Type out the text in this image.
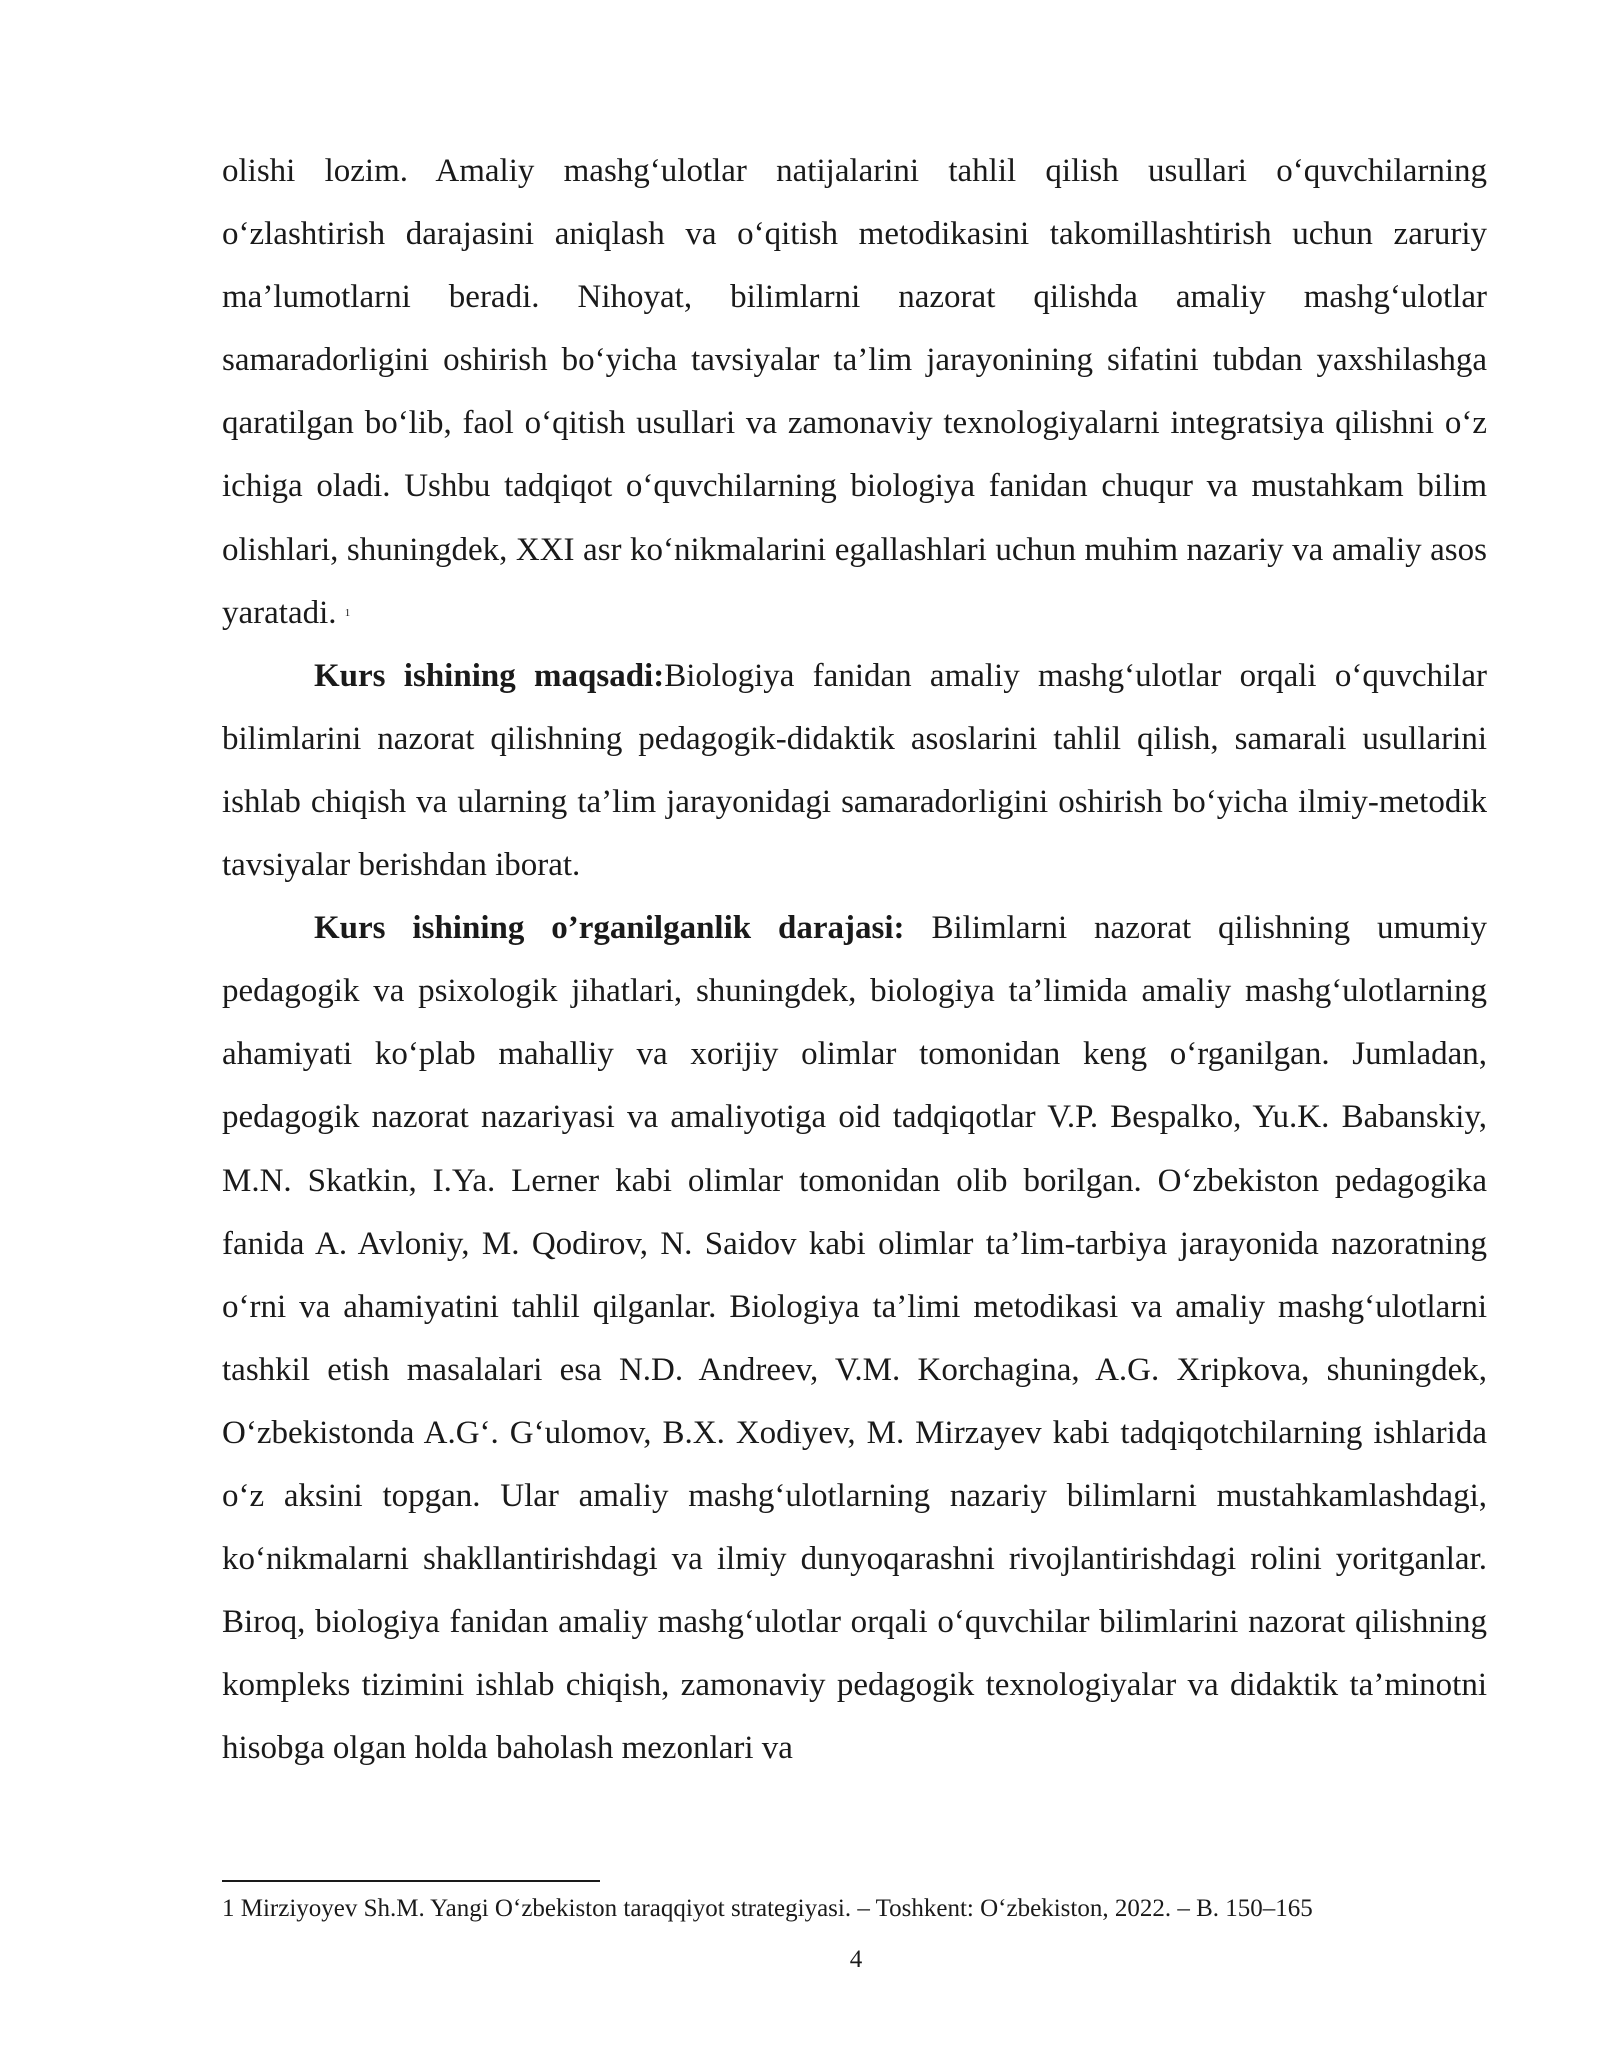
olishi lozim. Amaliy mashg‘ulotlar natijalarini tahlil qilish usullari o‘quvchilarning o‘zlashtirish darajasini aniqlash va o‘qitish metodikasini takomillashtirish uchun zaruriy ma’lumotlarni beradi. Nihoyat, bilimlarni nazorat qilishda amaliy mashg‘ulotlar samaradorligini oshirish bo‘yicha tavsiyalar ta’lim jarayonining sifatini tubdan yaxshilashga qaratilgan bo‘lib, faol o‘qitish usullari va zamonaviy texnologiyalarni integratsiya qilishni o‘z ichiga oladi. Ushbu tadqiqot o‘quvchilarning biologiya fanidan chuqur va mustahkam bilim olishlari, shuningdek, XXI asr ko‘nikmalarini egallashlari uchun muhim nazariy va amaliy asos yaratadi. $^1$

Kurs ishining maqsadi:Biologiya fanidan amaliy mashg‘ulotlar orqali o‘quvchilar bilimlarini nazorat qilishning pedagogik-didaktik asoslarini tahlil qilish, samarali usullarini ishlab chiqish va ularning ta’lim jarayonidagi samaradorligini oshirish bo‘yicha ilmiy-metodik tavsiyalar berishdan iborat.

Kurs ishining o’rganilganlik darajasi: Bilimlarni nazorat qilishning umumiy pedagogik va psixologik jihatlari, shuningdek, biologiya ta’limida amaliy mashg‘ulotlarning ahamiyati ko‘plab mahalliy va xorijiy olimlar tomonidan keng o‘rganilgan. Jumladan, pedagogik nazorat nazariyasi va amaliyotiga oid tadqiqotlar V.P. Bespalko, Yu.K. Babanskiy, M.N. Skatkin, I.Ya. Lerner kabi olimlar tomonidan olib borilgan. O‘zbekiston pedagogika fanida A. Avloniy, M. Qodirov, N. Saidov kabi olimlar ta’lim-tarbiya jarayonida nazoratning o‘rni va ahamiyatini tahlil qilganlar. Biologiya ta’limi metodikasi va amaliy mashg‘ulotlarni tashkil etish masalalari esa N.D. Andreev, V.M. Korchagina, A.G. Xripkova, shuningdek, O‘zbekistonda A.G‘. G‘ulomov, B.X. Xodiyev, M. Mirzayev kabi tadqiqotchilarning ishlarida o‘z aksini topgan. Ular amaliy mashg‘ulotlarning nazariy bilimlarni mustahkamlashdagi, ko‘nikmalarni shakllantirishdagi va ilmiy dunyoqarashni rivojlantirishdagi rolini yoritganlar. Biroq, biologiya fanidan amaliy mashg‘ulotlar orqali o‘quvchilar bilimlarini nazorat qilishning kompleks tizimini ishlab chiqish, zamonaviy pedagogik texnologiyalar va didaktik ta’minotni hisobga olgan holda baholash mezonlari va

1 Mirziyoyev Sh.M. Yangi O‘zbekiston taraqqiyot strategiyasi. – Toshkent: O‘zbekiston, 2022. – B. 150–165
4
